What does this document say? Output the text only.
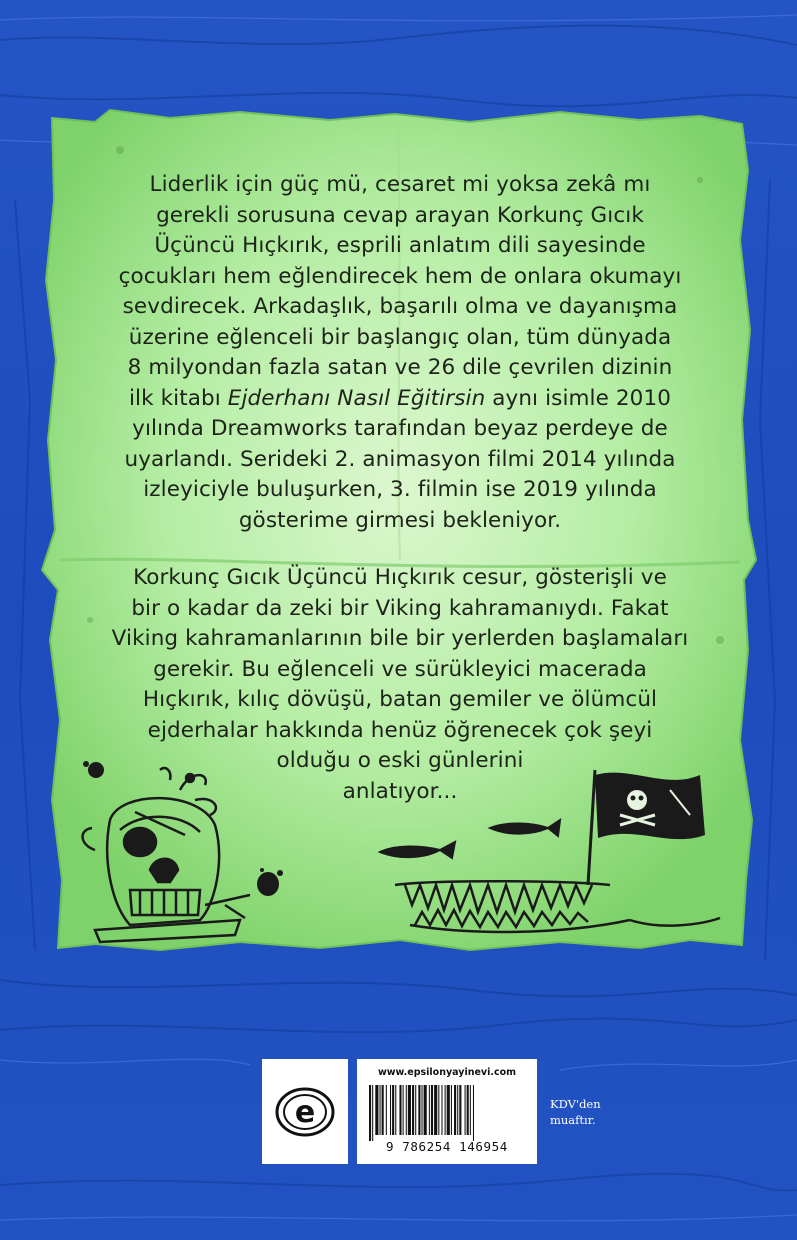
Liderlik için güç mü, cesaret mi yoksa zekâ mı
gerekli sorusuna cevap arayan Korkunç Gıcık
Üçüncü Hıçkırık, esprili anlatım dili sayesinde
çocukları hem eğlendirecek hem de onlara okumayı
sevdirecek. Arkadaşlık, başarılı olma ve dayanışma
üzerine eğlenceli bir başlangıç olan, tüm dünyada
8 milyondan fazla satan ve 26 dile çevrilen dizinin
ilk kitabı Ejderhanı Nasıl Eğitirsin aynı isimle 2010
yılında Dreamworks tarafından beyaz perdeye de
uyarlandı. Serideki 2. animasyon filmi 2014 yılında
izleyiciyle buluşurken, 3. filmin ise 2019 yılında
gösterime girmesi bekleniyor.
Korkunç Gıcık Üçüncü Hıçkırık cesur, gösterişli ve
bir o kadar da zeki bir Viking kahramanıydı. Fakat
Viking kahramanlarının bile bir yerlerden başlamaları
gerekir. Bu eğlenceli ve sürükleyici macerada
Hıçkırık, kılıç dövüşü, batan gemiler ve ölümcül
ejderhalar hakkında henüz öğrenecek çok şeyi
olduğu o eski günlerini
anlatıyor...
e
www.epsilonyayinevi.com
9 786254 146954
KDV'den
muaftır.
